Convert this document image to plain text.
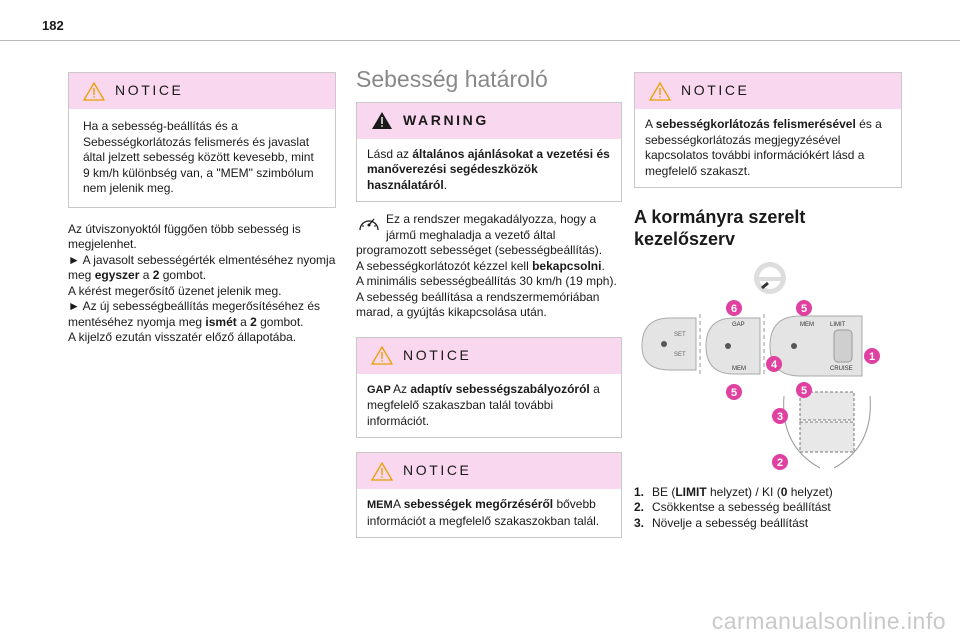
182
NOTICE
Ha a sebesség-beállítás és a Sebességkorlátozás felismerés és javaslat által jelzett sebesség között kevesebb, mint 9 km/h különbség van, a "MEM" szimbólum nem jelenik meg.
Az útviszonyoktól függően több sebesség is megjelenhet.
► A javasolt sebességérték elmentéséhez nyomja meg egyszer a 2 gombot.
A kérést megerősítő üzenet jelenik meg.
► Az új sebességbeállítás megerősítéséhez és mentéséhez nyomja meg ismét a 2 gombot.
A kijelző ezután visszatér előző állapotába.
Sebesség határoló
WARNING
Lásd az általános ajánlásokat a vezetési és manőverezési segédeszközök használatáról.
Ez a rendszer megakadályozza, hogy a jármű meghaladja a vezető által programozott sebességet (sebességbeállítás).
A sebességkorlátozót kézzel kell bekapcsolni.
A minimális sebességbeállítás 30 km/h (19 mph).
A sebesség beállítása a rendszermemóriában marad, a gyújtás kikapcsolása után.
NOTICE
GAP Az adaptív sebességszabályozóról a megfelelő szakaszban talál további információt.
NOTICE
MEMA sebességek megőrzéséről bővebb információt a megfelelő szakaszokban talál.
NOTICE
A sebességkorlátozás felismerésével és a sebességkorlátozás megjegyzésével kapcsolatos további információkért lásd a megfelelő szakaszt.
A kormányra szerelt kezelőszerv
SET
SET
GAP
MEM
MEM	LIMIT
CRUISE
6	5
4
1
5	5
3
2
1. BE (LIMIT helyzet) / KI (0 helyzet)
2. Csökkentse a sebesség beállítást
3. Növelje a sebesség beállítást
carmanualsonline.info
